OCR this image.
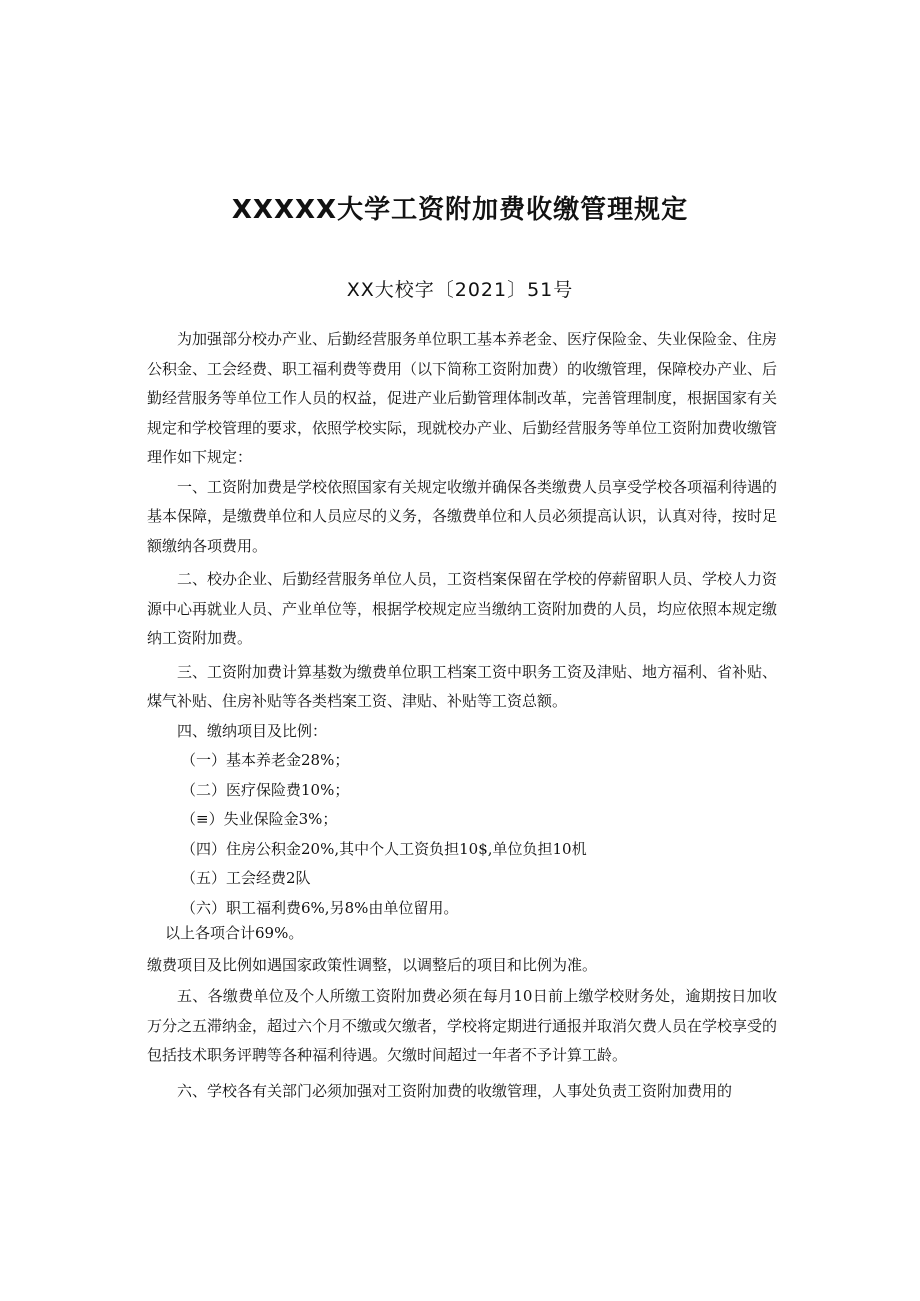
XXXXX大学工资附加费收缴管理规定
XX大校字〔2021〕51号

为加强部分校办产业、后勤经营服务单位职工基本养老金、医疗保险金、失业保险金、住房公积金、工会经费、职工福利费等费用（以下简称工资附加费）的收缴管理，保障校办产业、后勤经营服务等单位工作人员的权益，促进产业后勤管理体制改革，完善管理制度，根据国家有关规定和学校管理的要求，依照学校实际，现就校办产业、后勤经营服务等单位工资附加费收缴管理作如下规定：

一、工资附加费是学校依照国家有关规定收缴并确保各类缴费人员享受学校各项福利待遇的基本保障，是缴费单位和人员应尽的义务，各缴费单位和人员必须提高认识，认真对待，按时足额缴纳各项费用。

二、校办企业、后勤经营服务单位人员，工资档案保留在学校的停薪留职人员、学校人力资源中心再就业人员、产业单位等，根据学校规定应当缴纳工资附加费的人员，均应依照本规定缴纳工资附加费。

三、工资附加费计算基数为缴费单位职工档案工资中职务工资及津贴、地方福利、省补贴、煤气补贴、住房补贴等各类档案工资、津贴、补贴等工资总额。

四、缴纳项目及比例：

（一）基本养老金28%；

（二）医疗保险费10%；

（≡）失业保险金3%；

（四）住房公积金20%,其中个人工资负担10$,单位负担10机

（五）工会经费2队

（六）职工福利费6%,另8%由单位留用。

以上各项合计69%。

缴费项目及比例如遇国家政策性调整，以调整后的项目和比例为准。

五、各缴费单位及个人所缴工资附加费必须在每月10日前上缴学校财务处，逾期按日加收万分之五滞纳金，超过六个月不缴或欠缴者，学校将定期进行通报并取消欠费人员在学校享受的包括技术职务评聘等各种福利待遇。欠缴时间超过一年者不予计算工龄。

六、学校各有关部门必须加强对工资附加费的收缴管理，人事处负责工资附加费用的
